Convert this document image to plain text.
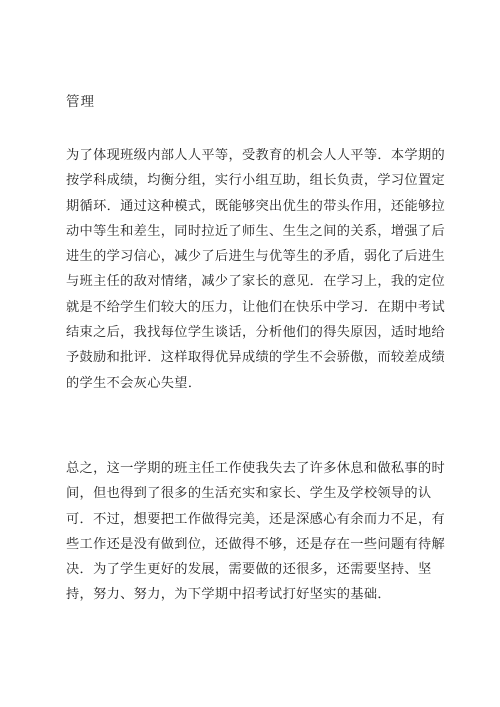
管理
为了体现班级内部人人平等，受教育的机会人人平等．本学期的
按学科成绩，均衡分组，实行小组互助，组长负责，学习位置定
期循环．通过这种模式，既能够突出优生的带头作用，还能够拉
动中等生和差生，同时拉近了师生、生生之间的关系，增强了后
进生的学习信心，减少了后进生与优等生的矛盾，弱化了后进生
与班主任的敌对情绪，减少了家长的意见．在学习上，我的定位
就是不给学生们较大的压力，让他们在快乐中学习．在期中考试
结束之后，我找每位学生谈话，分析他们的得失原因，适时地给
予鼓励和批评．这样取得优异成绩的学生不会骄傲，而较差成绩
的学生不会灰心失望．
总之，这一学期的班主任工作使我失去了许多休息和做私事的时
间，但也得到了很多的生活充实和家长、学生及学校领导的认
可．不过，想要把工作做得完美，还是深感心有余而力不足，有
些工作还是没有做到位，还做得不够，还是存在一些问题有待解
决．为了学生更好的发展，需要做的还很多，还需要坚持、坚
持，努力、努力，为下学期中招考试打好坚实的基础．
